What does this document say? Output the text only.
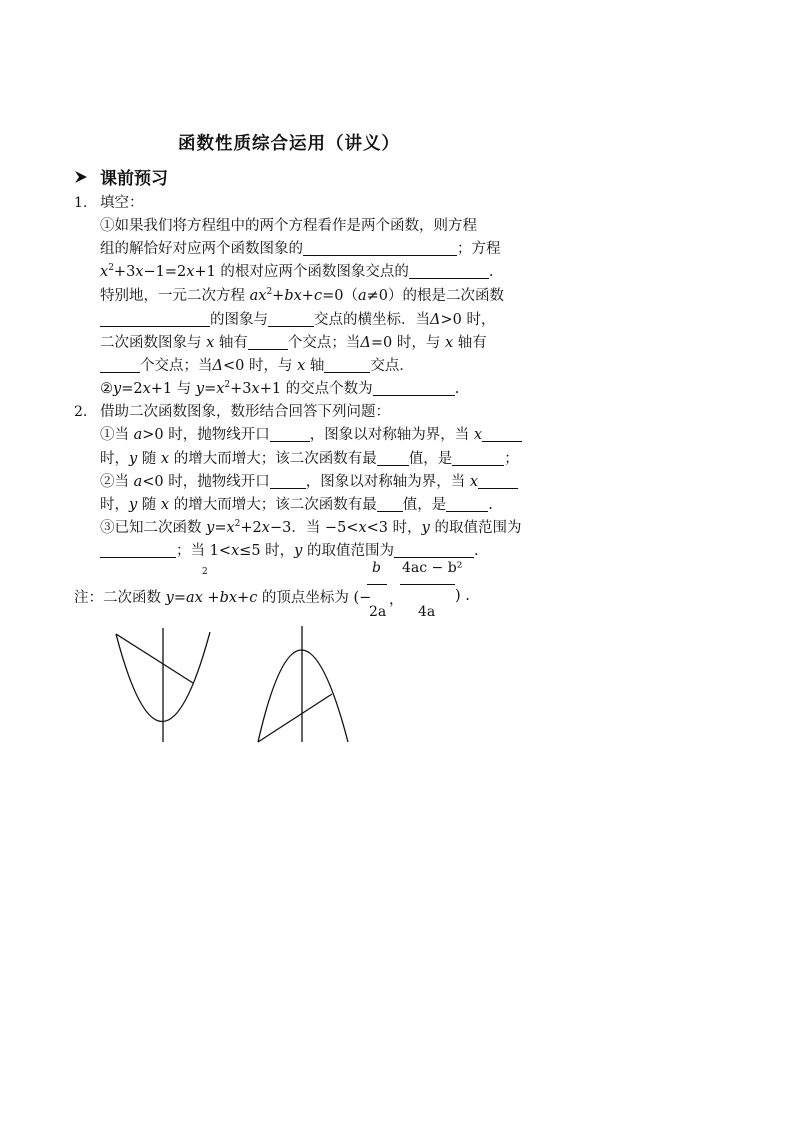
函数性质综合运用（讲义）
课前预习
1. 填空：
①如果我们将方程组中的两个方程看作是两个函数，则方程
组的解恰好对应两个函数图象的	；方程
$x^2+3x-1=2x+1$ 的根对应两个函数图象交点的	.
特别地，一元二次方程 $ax^2+bx+c=0(a\ne 0)$的根是二次函数
的图象与	交点的横坐标．当Δ>0 时，
二次函数图象与 x 轴有	个交点；当Δ=0 时，与 x 轴有
个交点；当Δ<0 时，与 x 轴	交点．
②y=2x+1 与 $y=x^2+3x+1$ 的交点个数为	.
2. 借助二次函数图象，数形结合回答下列问题：
①当 a>0 时，抛物线开口	，图象以对称轴为界，当 x
时，y 随 x 的增大而增大；该二次函数有最 值，是	；
②当 a<0 时，抛物线开口 ，图象以对称轴为界，当 x
时，y 随 x 的增大而增大；该二次函数有最 值，是	.
③已知二次函数 $y=x^2+2x-3$．当 −5<x<3 时，y 的取值范围为
；当 1<x≤5 时，y 的取值范围为	.
注：二次函数 y=ax +bx+c 的顶点坐标为 (−
2	b
2a
，
4ac − b²
4a
) .
